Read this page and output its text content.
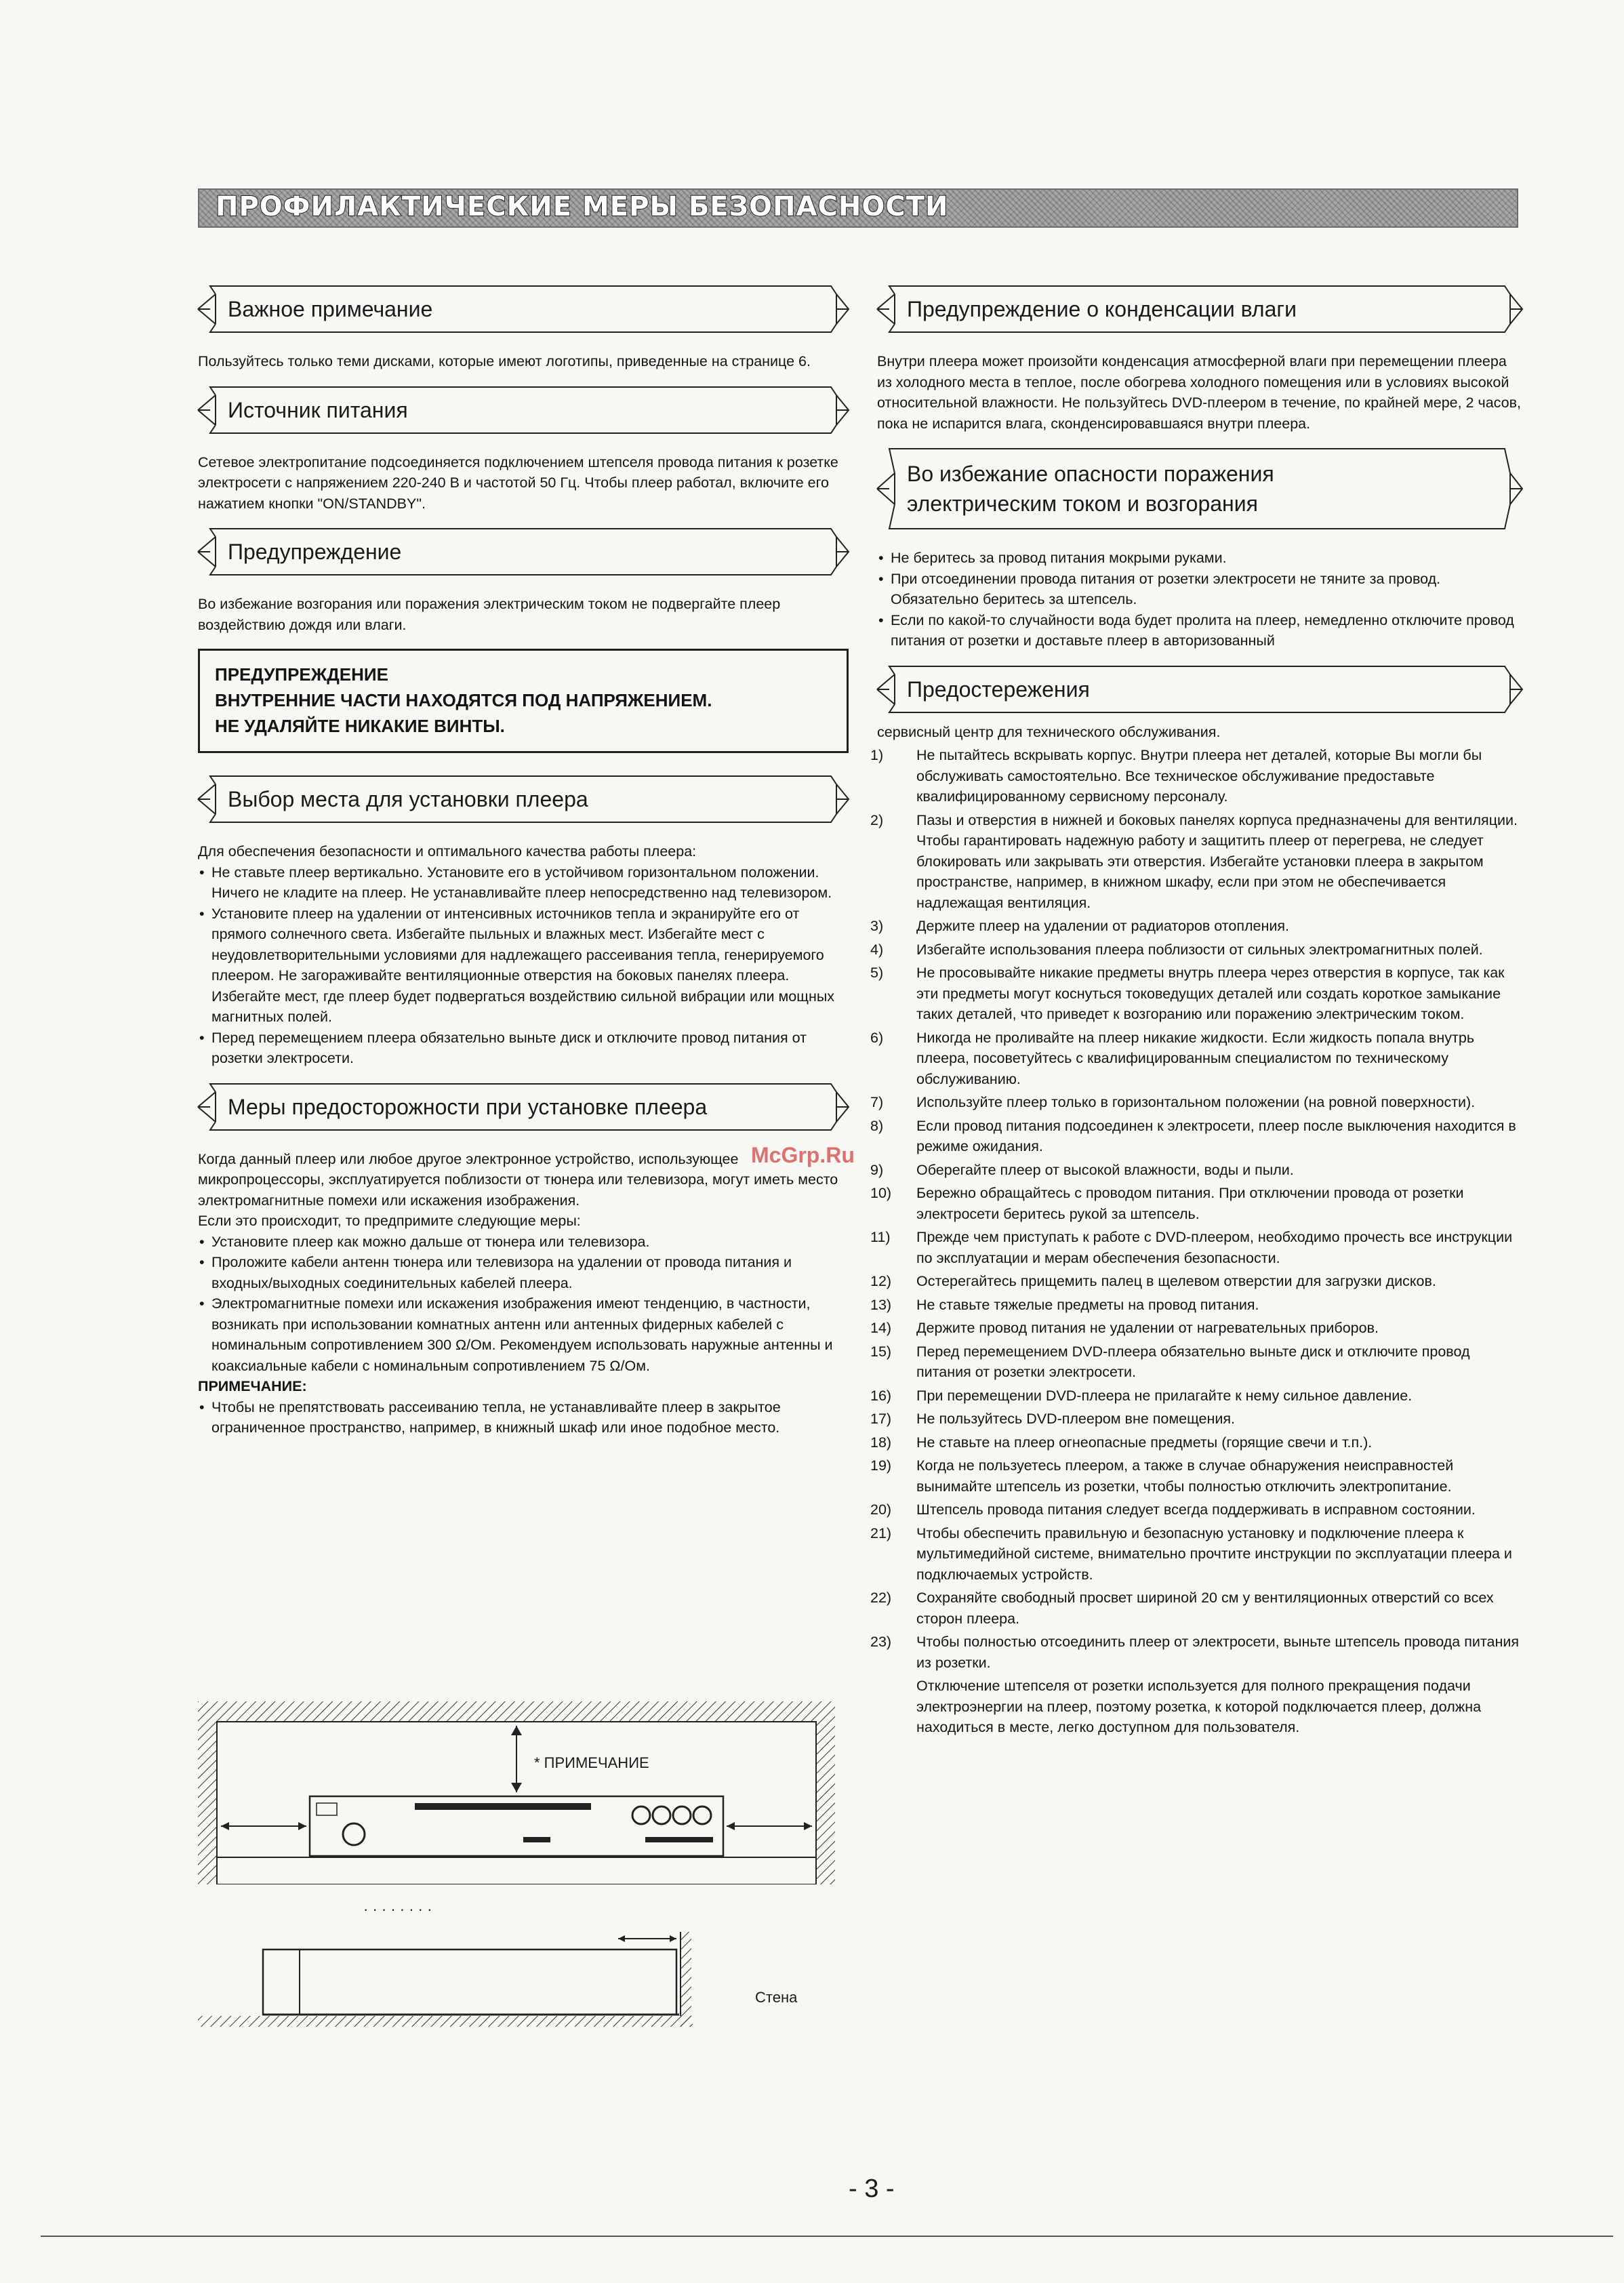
ПРОФИЛАКТИЧЕСКИЕ МЕРЫ БЕЗОПАСНОСТИ
Важное примечание

Пользуйтесь только теми дисками, которые имеют логотипы, приведенные на странице 6.

Источник питания

Сетевое электропитание подсоединяется подключением штепселя провода питания к розетке электросети с напряжением 220-240 В и частотой 50 Гц. Чтобы плеер работал, включите его нажатием кнопки "ON/STANDBY".

Предупреждение

Во избежание возгорания или поражения электрическим током не подвергайте плеер воздействию дождя или влаги.

ПРЕДУПРЕЖДЕНИЕ
ВНУТРЕННИЕ ЧАСТИ НАХОДЯТСЯ ПОД НАПРЯЖЕНИЕМ.
НЕ УДАЛЯЙТЕ НИКАКИЕ ВИНТЫ.
Выбор места для установки плеера

Для обеспечения безопасности и оптимального качества работы плеера:

• Не ставьте плеер вертикально. Установите его в устойчивом горизонтальном положении. Ничего не кладите на плеер. Не устанавливайте плеер непосредственно над телевизором.
• Установите плеер на удалении от интенсивных источников тепла и экранируйте его от прямого солнечного света. Избегайте пыльных и влажных мест. Избегайте мест с неудовлетворительными условиями для надлежащего рассеивания тепла, генерируемого плеером. Не загораживайте вентиляционные отверстия на боковых панелях плеера. Избегайте мест, где плеер будет подвергаться воздействию сильной вибрации или мощных магнитных полей.
• Перед перемещением плеера обязательно выньте диск и отключите провод питания от розетки электросети.
Меры предосторожности при установке плеера

Когда данный плеер или любое другое электронное устройство, использующее микропроцессоры, эксплуатируется поблизости от тюнера или телевизора, могут иметь место электромагнитные помехи или искажения изображения.

Если это происходит, то предпримите следующие меры:

• Установите плеер как можно дальше от тюнера или телевизора.
• Проложите кабели антенн тюнера или телевизора на удалении от провода питания и входных/выходных соединительных кабелей плеера.
• Электромагнитные помехи или искажения изображения имеют тенденцию, в частности, возникать при использовании комнатных антенн или антенных фидерных кабелей с номинальным сопротивлением 300 Ω/Ом. Рекомендуем использовать наружные антенны и коаксиальные кабели с номинальным сопротивлением 75 Ω/Ом.
ПРИМЕЧАНИЕ:
• Чтобы не препятствовать рассеиванию тепла, не устанавливайте плеер в закрытое ограниченное пространство, например, в книжный шкаф или иное подобное место.
* ПРИМЕЧАНИЕ
· · · · · · · ·
Стена
Предупреждение о конденсации влаги

Внутри плеера может произойти конденсация атмосферной влаги при перемещении плеера из холодного места в теплое, после обогрева холодного помещения или в условиях высокой относительной влажности. Не пользуйтесь DVD-плеером в течение, по крайней мере, 2 часов, пока не испарится влага, сконденсировавшаяся внутри плеера.

Во избежание опасности поражения
электрическим током и возгорания
• Не беритесь за провод питания мокрыми руками.
• При отсоединении провода питания от розетки электросети не тяните за провод. Обязательно беритесь за штепсель.
• Если по какой-то случайности вода будет пролита на плеер, немедленно отключите провод питания от розетки и доставьте плеер в авторизованный
Предостережения

сервисный центр для технического обслуживания.

1)	Не пытайтесь вскрывать корпус. Внутри плеера нет деталей, которые Вы могли бы обслуживать самостоятельно. Все техническое обслуживание предоставьте квалифицированному сервисному персоналу.
2)	Пазы и отверстия в нижней и боковых панелях корпуса предназначены для вентиляции. Чтобы гарантировать надежную работу и защитить плеер от перегрева, не следует блокировать или закрывать эти отверстия. Избегайте установки плеера в закрытом пространстве, например, в книжном шкафу, если при этом не обеспечивается надлежащая вентиляция.
3)	Держите плеер на удалении от радиаторов отопления.
4)	Избегайте использования плеера поблизости от сильных электромагнитных полей.
5)	Не просовывайте никакие предметы внутрь плеера через отверстия в корпусе, так как эти предметы могут коснуться токоведущих деталей или создать короткое замыкание таких деталей, что приведет к возгоранию или поражению электрическим током.
6)	Никогда не проливайте на плеер никакие жидкости. Если жидкость попала внутрь плеера, посоветуйтесь с квалифицированным специалистом по техническому обслуживанию.
7)	Используйте плеер только в горизонтальном положении (на ровной поверхности).
8)	Если провод питания подсоединен к электросети, плеер после выключения находится в режиме ожидания.
9)	Оберегайте плеер от высокой влажности, воды и пыли.
10)	Бережно обращайтесь с проводом питания. При отключении провода от розетки электросети беритесь рукой за штепсель.
11)	Прежде чем приступать к работе с DVD-плеером, необходимо прочесть все инструкции по эксплуатации и мерам обеспечения безопасности.
12)	Остерегайтесь прищемить палец в щелевом отверстии для загрузки дисков.
13)	Не ставьте тяжелые предметы на провод питания.
14)	Держите провод питания не удалении от нагревательных приборов.
15)	Перед перемещением DVD-плеера обязательно выньте диск и отключите провод питания от розетки электросети.
16)	При перемещении DVD-плеера не прилагайте к нему сильное давление.
17)	Не пользуйтесь DVD-плеером вне помещения.
18)	Не ставьте на плеер огнеопасные предметы (горящие свечи и т.п.).
19)	Когда не пользуетесь плеером, а также в случае обнаружения неисправностей вынимайте штепсель из розетки, чтобы полностью отключить электропитание.
20)	Штепсель провода питания следует всегда поддерживать в исправном состоянии.
21)	Чтобы обеспечить правильную и безопасную установку и подключение плеера к мультимедийной системе, внимательно прочтите инструкции по эксплуатации плеера и подключаемых устройств.
22)	Сохраняйте свободный просвет шириной 20 см у вентиляционных отверстий со всех сторон плеера.
23)	Чтобы полностью отсоединить плеер от электросети, выньте штепсель провода питания из розетки.

Отключение штепселя от розетки используется для полного прекращения подачи электроэнергии на плеер, поэтому розетка, к которой подключается плеер, должна находиться в месте, легко доступном для пользователя.

McGrp.Ru
- 3 -
